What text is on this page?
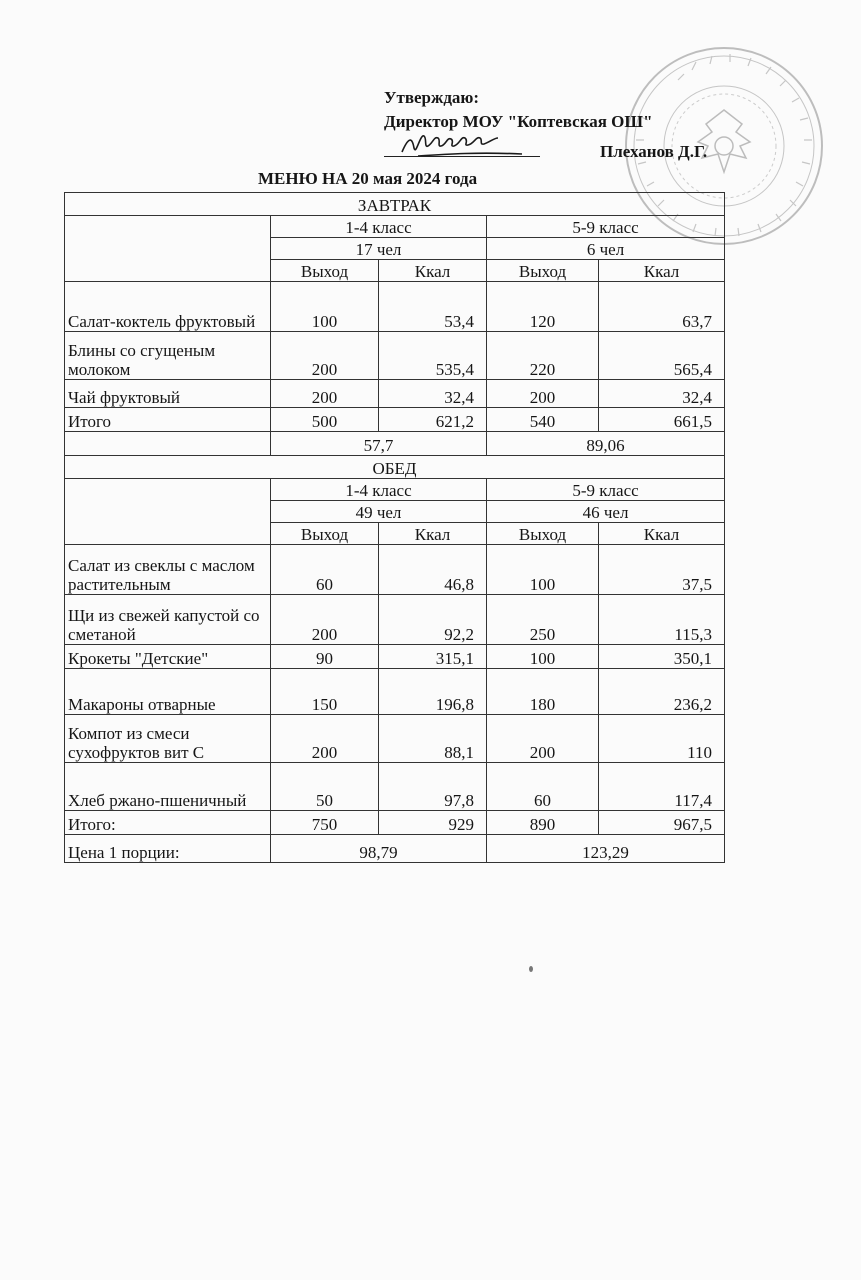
Утверждаю:
Директор МОУ "Коптевская ОШ"
Плеханов Д.Г.
МЕНЮ НА 20 мая 2024 года
ЗАВТРАК				
	1-4 класс		5-9 класс	
	17 чел		6 чел	
	Выход	Ккал	Выход	Ккал
Салат-коктель фруктовый	100	53,4	120	63,7
Блины со сгущеным молоком	200	535,4	220	565,4
Чай фруктовый	200	32,4	200	32,4
Итого	500	621,2	540	661,5
	57,7		89,06	
ОБЕД				
	1-4 класс		5-9 класс	
	49 чел		46 чел	
	Выход	Ккал	Выход	Ккал
Салат из свеклы с маслом растительным	60	46,8	100	37,5
Щи из свежей капустой со сметаной	200	92,2	250	115,3
Крокеты "Детские"	90	315,1	100	350,1
Макароны отварные	150	196,8	180	236,2
Компот из смеси сухофруктов вит С	200	88,1	200	110
Хлеб ржано-пшеничный	50	97,8	60	117,4
Итого:	750	929	890	967,5
Цена 1 порции:	98,79		123,29	
